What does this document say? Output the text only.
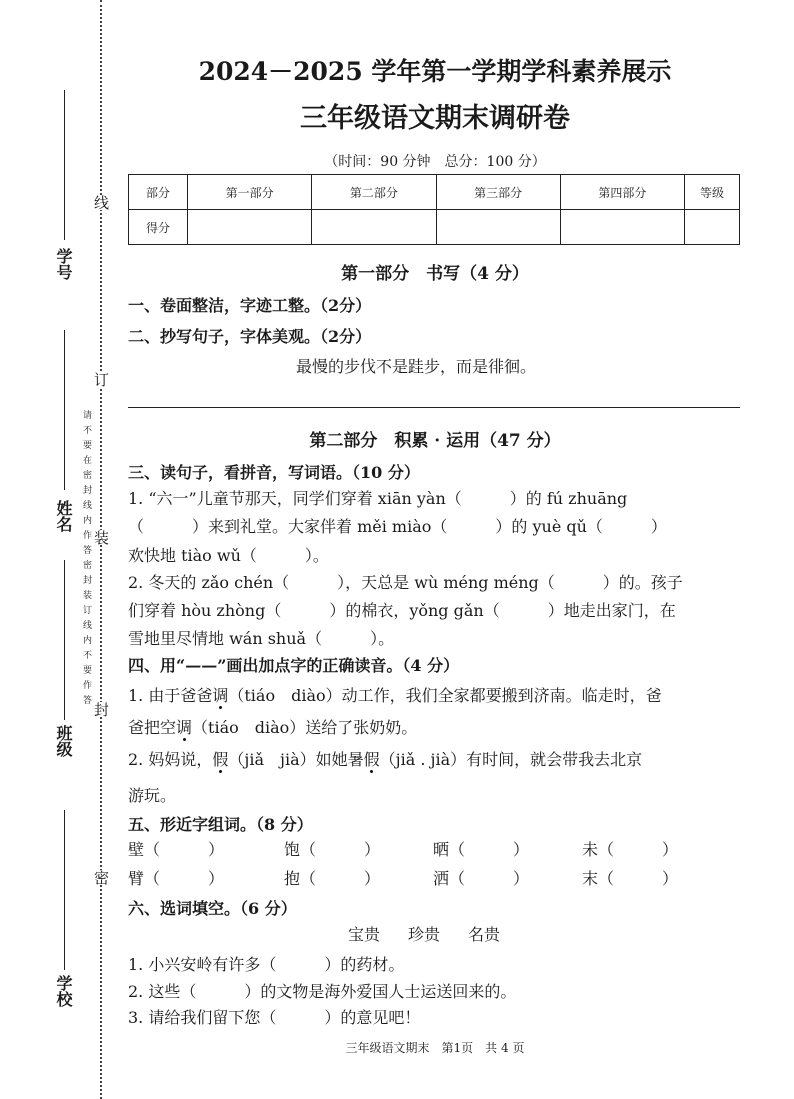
线
订
装
封
密
请不要在密封线内作答
密封装订线内不要作答
学号
姓名
班级
学校
2024－2025 学年第一学期学科素养展示
三年级语文期末调研卷
（时间：90 分钟　总分：100 分）
部分	第一部分	第二部分	第三部分	第四部分	等级
得分					
第一部分　书写（4 分）
一、卷面整洁，字迹工整。（2分）
二、抄写句子，字体美观。（2分）
最慢的步伐不是跬步，而是徘徊。
第二部分　积累 · 运用（47 分）
三、读句子，看拼音，写词语。（10 分）
1. “六一”儿童节那天，同学们穿着 xiān yàn（　　　）的 fú zhuāng
（　　　）来到礼堂。大家伴着 měi miào（　　　）的 yuè qǔ（　　　）
欢快地 tiào wǔ（　　　）。
2. 冬天的 zǎo chén（　　　），天总是 wù méng méng（　　　）的。孩子
们穿着 hòu zhòng（　　　）的棉衣，yǒng gǎn（　　　）地走出家门，在
雪地里尽情地 wán shuǎ（　　　）。
四、用“——”画出加点字的正确读音。（4 分）
1. 由于爸爸调（tiáo　diào）动工作，我们全家都要搬到济南。临走时，爸
爸把空调（tiáo　diào）送给了张奶奶。
2. 妈妈说，假（jiǎ　jià）如她暑假（jiǎ . jià）有时间，就会带我去北京
游玩。
五、形近字组词。（8 分）
壁（　　　）	饱（　　　）	晒（　　　）	未（　　　）
臂（　　　）	抱（　　　）	洒（　　　）	末（　　　）
六、选词填空。（6 分）
宝贵 珍贵 名贵
1. 小兴安岭有许多（　　　）的药材。
2. 这些（　　　）的文物是海外爱国人士运送回来的。
3. 请给我们留下您（　　　）的意见吧！
三年级语文期末　第1页　共 4 页
